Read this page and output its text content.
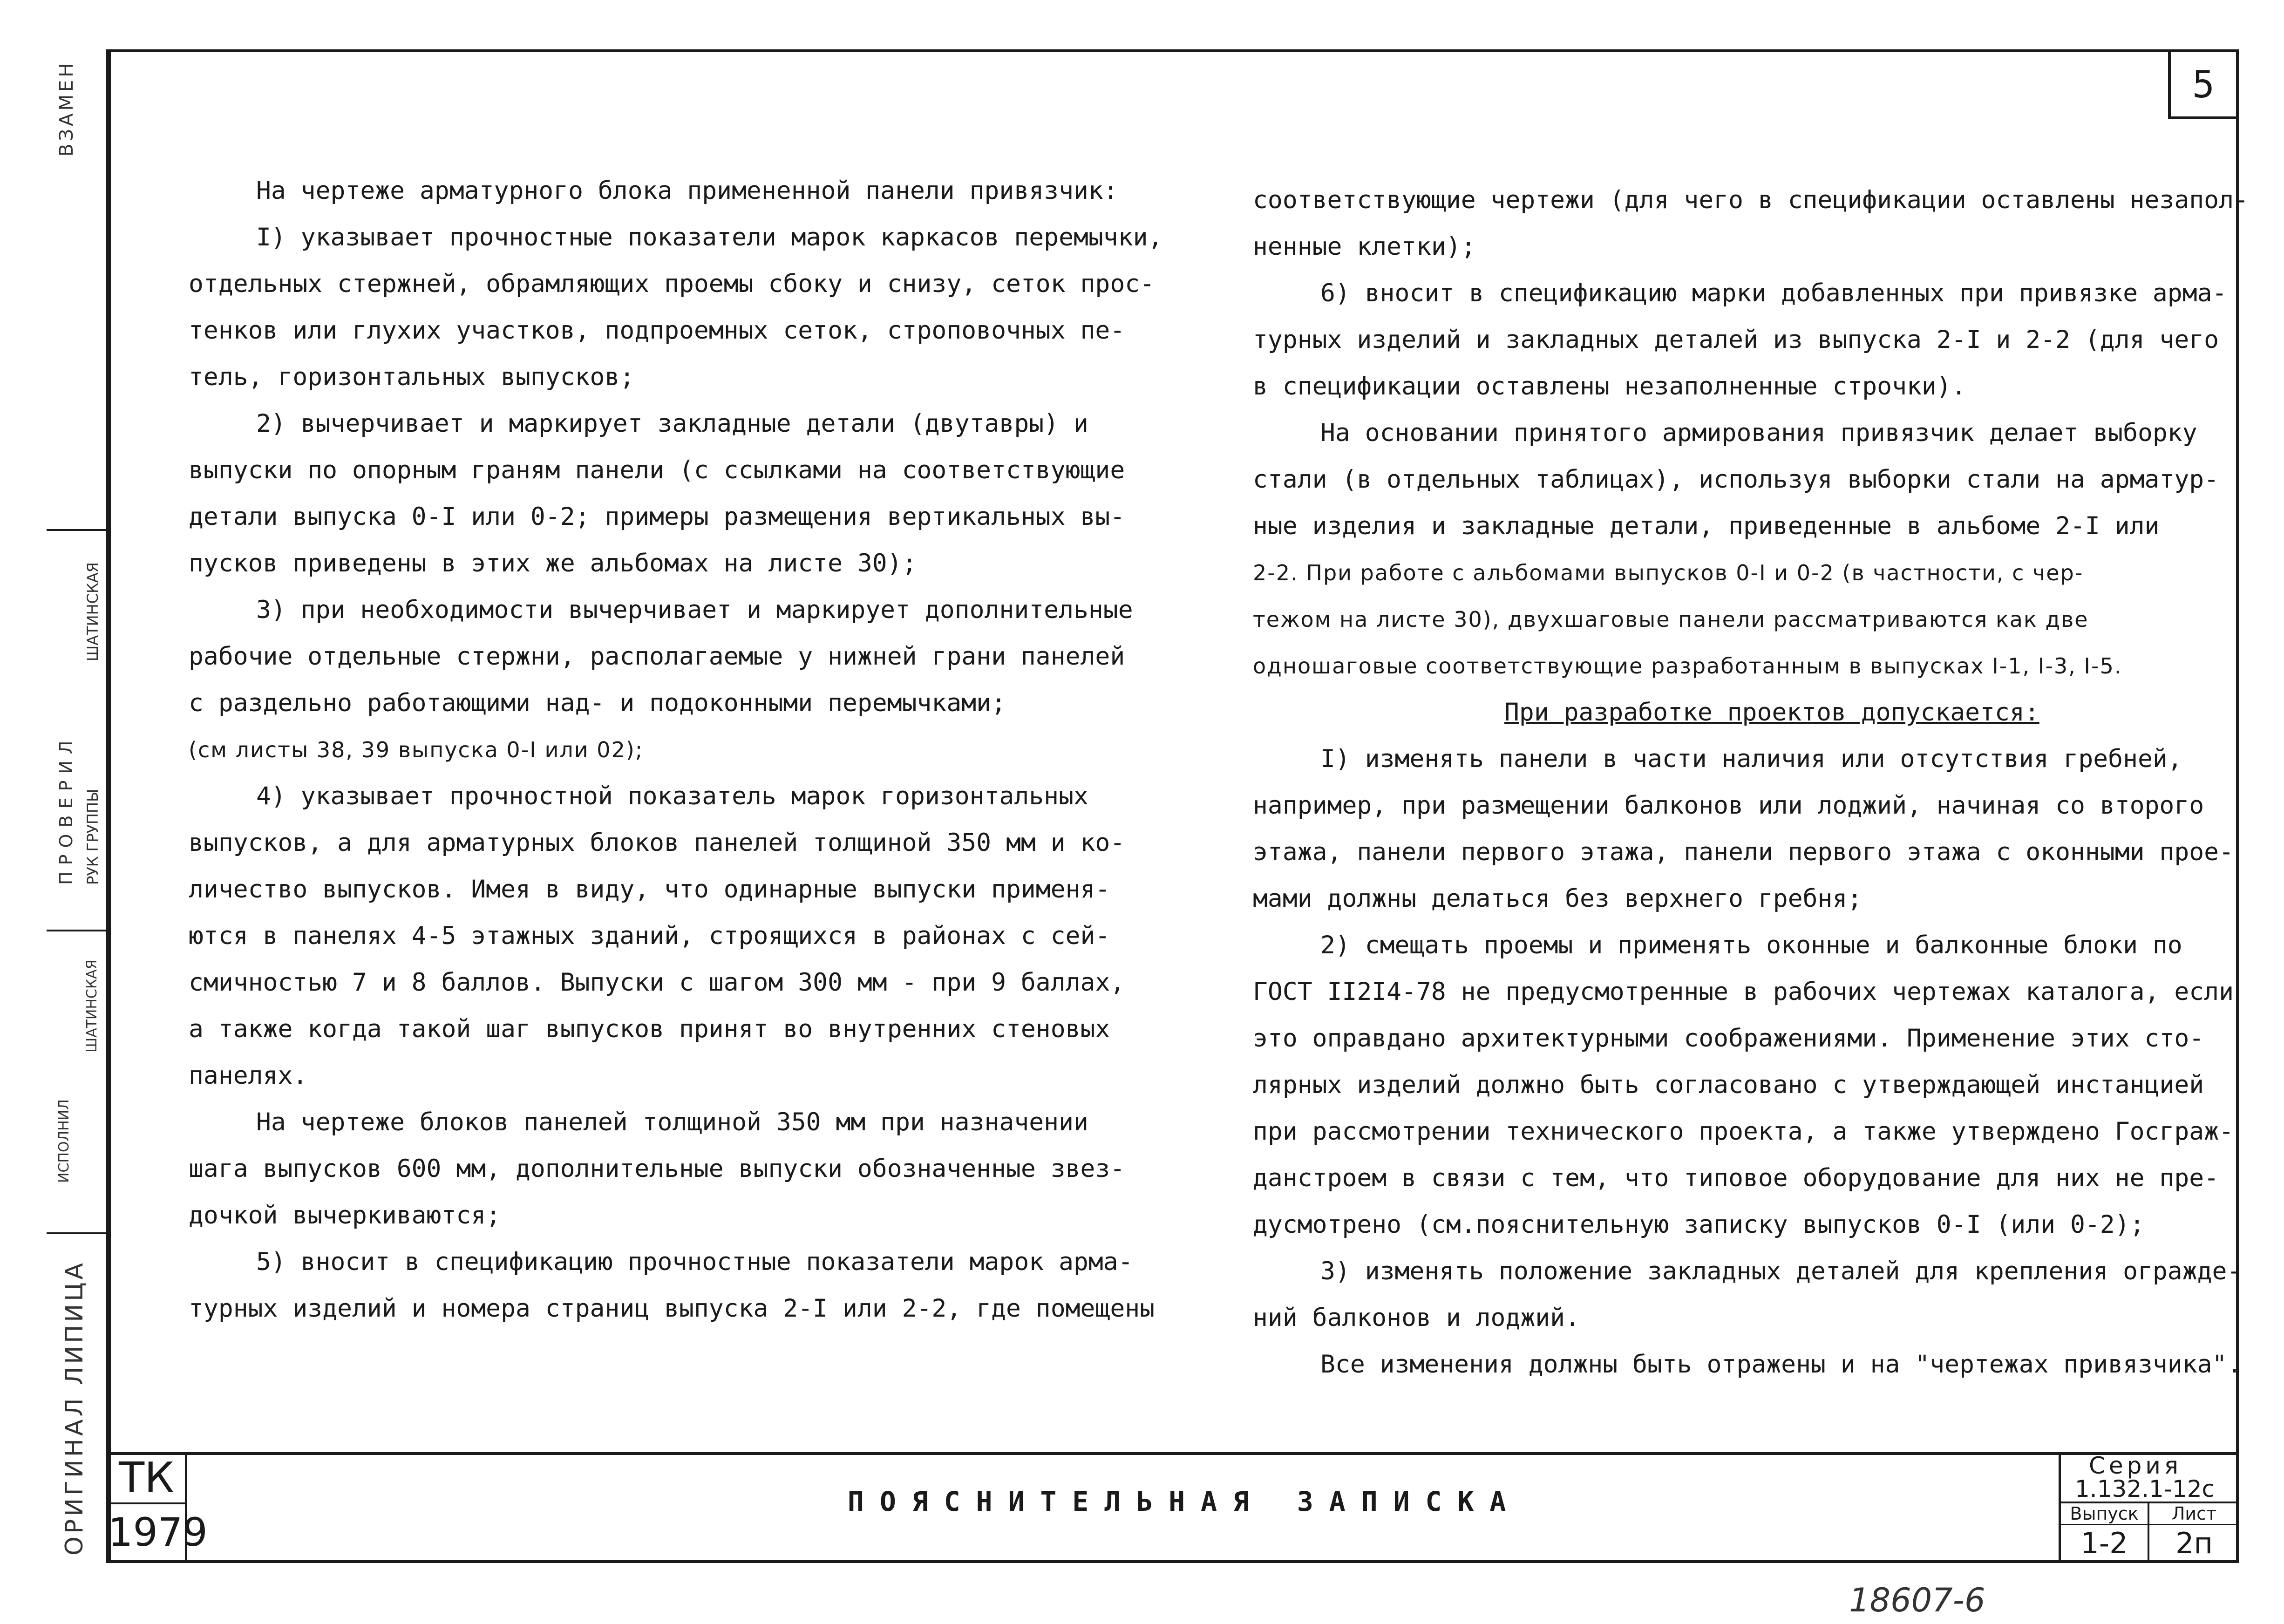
ВЗАМЕН
ПРОВЕРИЛ РУК ГРУППЫ
ШАТИНСКАЯ
ШАТИНСКАЯ
ИСПОЛНИЛ
ОРИГИНАЛ ЛИПИЦА
5

На чертеже арматурного блока примененной панели привязчик:

I) указывает прочностные показатели марок каркасов перемычки,

отдельных стержней, обрамляющих проемы сбоку и снизу, сеток прос-

тенков или глухих участков, подпроемных сеток, строповочных пе-

тель, горизонтальных выпусков;

2) вычерчивает и маркирует закладные детали (двутавры) и

выпуски по опорным граням панели (с ссылками на соответствующие

детали выпуска 0-I или 0-2; примеры размещения вертикальных вы-

пусков приведены в этих же альбомах на листе 30);

3) при необходимости вычерчивает и маркирует дополнительные

рабочие отдельные стержни, располагаемые у нижней грани панелей

с раздельно работающими над- и подоконными перемычками;

(см листы 38, 39 выпуска 0-I или 02);

4) указывает прочностной показатель марок горизонтальных

выпусков, а для арматурных блоков панелей толщиной 350 мм и ко-

личество выпусков. Имея в виду, что одинарные выпуски применя-

ются в панелях 4-5 этажных зданий, строящихся в районах с сей-

смичностью 7 и 8 баллов. Выпуски с шагом 300 мм - при 9 баллах,

а также когда такой шаг выпусков принят во внутренних стеновых

панелях.

На чертеже блоков панелей толщиной 350 мм при назначении

шага выпусков 600 мм, дополнительные выпуски обозначенные звез-

дочкой вычеркиваются;

5) вносит в спецификацию прочностные показатели марок арма-

турных изделий и номера страниц выпуска 2-I или 2-2, где помещены

соответствующие чертежи (для чего в спецификации оставлены незапол-

ненные клетки);

6) вносит в спецификацию марки добавленных при привязке арма-

турных изделий и закладных деталей из выпуска 2-I и 2-2 (для чего

в спецификации оставлены незаполненные строчки).

На основании принятого армирования привязчик делает выборку

стали (в отдельных таблицах), используя выборки стали на арматур-

ные изделия и закладные детали, приведенные в альбоме 2-I или

2-2. При работе с альбомами выпусков 0-I и 0-2 (в частности, с чер-

тежом на листе 30), двухшаговые панели рассматриваются как две

одношаговые соответствующие разработанным в выпусках I-1, I-3, I-5.

При разработке проектов допускается:

I) изменять панели в части наличия или отсутствия гребней,

например, при размещении балконов или лоджий, начиная со второго

этажа, панели первого этажа, панели первого этажа с оконными прое-

мами должны делаться без верхнего гребня;

2) смещать проемы и применять оконные и балконные блоки по

ГОСТ II2I4-78 не предусмотренные в рабочих чертежах каталога, если

это оправдано архитектурными соображениями. Применение этих сто-

лярных изделий должно быть согласовано с утверждающей инстанцией

при рассмотрении технического проекта, а также утверждено Госграж-

данстроем в связи с тем, что типовое оборудование для них не пре-

дусмотрено (см.пояснительную записку выпусков 0-I (или 0-2);

3) изменять положение закладных деталей для крепления огражде-

ний балконов и лоджий.

Все изменения должны быть отражены и на "чертежах привязчика".

ТК
1979
ПОЯСНИТЕЛЬНАЯ ЗАПИСКА
Серия
1.132.1-12с
Выпуск
1-2
Лист
2п
18607-6
